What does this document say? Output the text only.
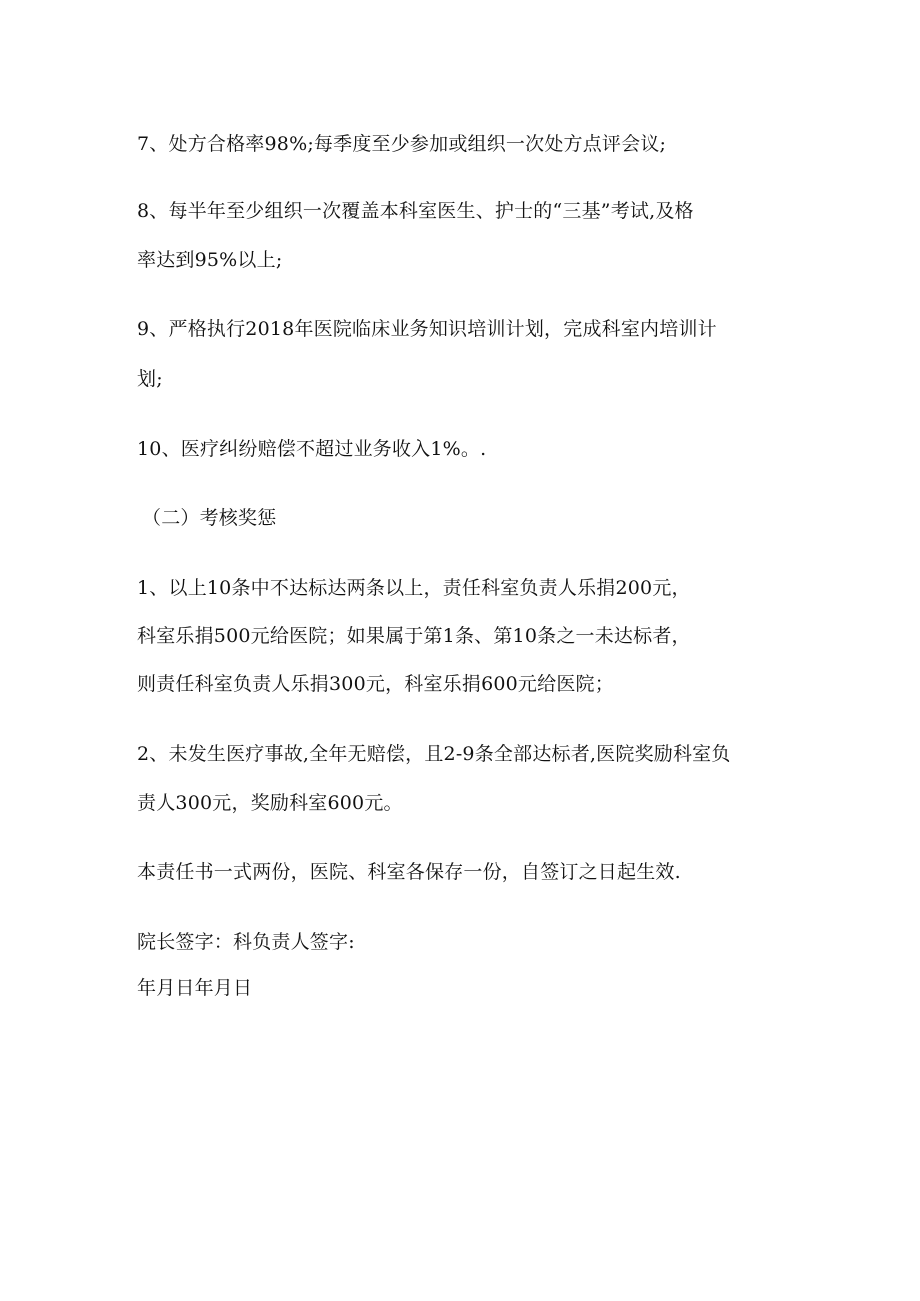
7、处方合格率98%;每季度至少参加或组织一次处方点评会议;
8、每半年至少组织一次覆盖本科室医生、护士的“三基”考试,及格
率达到95%以上;
9、严格执行2018年医院临床业务知识培训计划，完成科室内培训计
划;
10、医疗纠纷赔偿不超过业务收入1%。.
（二）考核奖惩
1、以上10条中不达标达两条以上，责任科室负责人乐捐200元，
科室乐捐500元给医院；如果属于第1条、第10条之一未达标者，
则责任科室负责人乐捐300元，科室乐捐600元给医院；
2、未发生医疗事故,全年无赔偿，且2-9条全部达标者,医院奖励科室负
责人300元，奖励科室600元。
本责任书一式两份，医院、科室各保存一份，自签订之日起生效.
院长签字：科负责人签字:
年月日年月日
